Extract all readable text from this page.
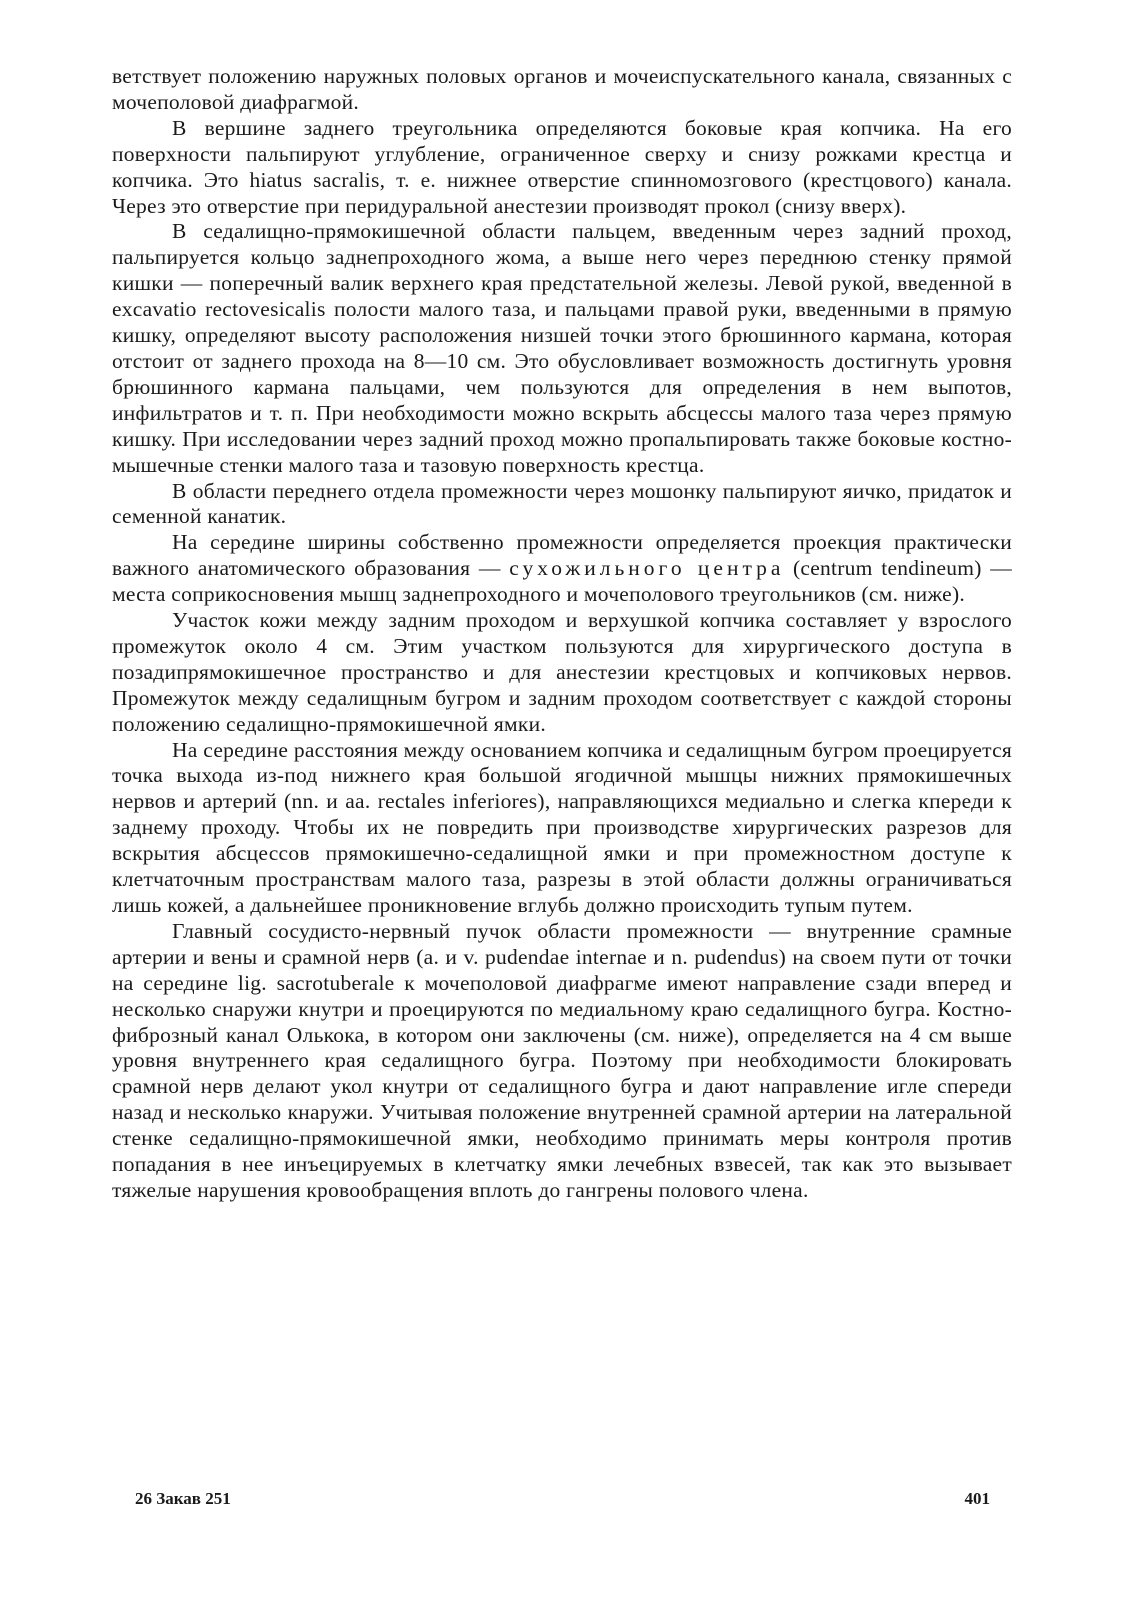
ветствует положению наружных половых органов и мочеиспускательного канала, связанных с мочеполовой диафрагмой.

В вершине заднего треугольника определяются боковые края копчика. На его поверхности пальпируют углубление, ограниченное сверху и снизу рожками крестца и копчика. Это hiatus sacralis, т. е. нижнее отверстие спинномозгового (крестцового) канала. Через это отверстие при перидуральной анестезии производят прокол (снизу вверх).

В седалищно-прямокишечной области пальцем, введенным через задний проход, пальпируется кольцо заднепроходного жома, а выше него через переднюю стенку прямой кишки — поперечный валик верхнего края предстательной железы. Левой рукой, введенной в excavatio rectovesicalis полости малого таза, и пальцами правой руки, введенными в прямую кишку, определяют высоту расположения низшей точки этого брюшинного кармана, которая отстоит от заднего прохода на 8—10 см. Это обусловливает возможность достигнуть уровня брюшинного кармана пальцами, чем пользуются для определения в нем выпотов, инфильтратов и т. п. При необходимости можно вскрыть абсцессы малого таза через прямую кишку. При исследовании через задний проход можно пропальпировать также боковые костно-мышечные стенки малого таза и тазовую поверхность крестца.

В области переднего отдела промежности через мошонку пальпируют яичко, придаток и семенной канатик.

На середине ширины собственно промежности определяется проекция практически важного анатомического образования — сухожильного центра (centrum tendineum) — места соприкосновения мышц заднепроходного и мочеполового треугольников (см. ниже).

Участок кожи между задним проходом и верхушкой копчика составляет у взрослого промежуток около 4 см. Этим участком пользуются для хирургического доступа в позадипрямокишечное пространство и для анестезии крестцовых и копчиковых нервов. Промежуток между седалищным бугром и задним проходом соответствует с каждой стороны положению седалищно-прямокишечной ямки.

На середине расстояния между основанием копчика и седалищным бугром проецируется точка выхода из-под нижнего края большой ягодичной мышцы нижних прямокишечных нервов и артерий (nn. и aa. rectales inferiores), направляющихся медиально и слегка кпереди к заднему проходу. Чтобы их не повредить при производстве хирургических разрезов для вскрытия абсцессов прямокишечно-седалищной ямки и при промежностном доступе к клетчаточным пространствам малого таза, разрезы в этой области должны ограничиваться лишь кожей, а дальнейшее проникновение вглубь должно происходить тупым путем.

Главный сосудисто-нервный пучок области промежности — внутренние срамные артерии и вены и срамной нерв (a. и v. pudendae internae и n. pudendus) на своем пути от точки на середине lig. sacrotuberale к мочеполовой диафрагме имеют направление сзади вперед и несколько снаружи кнутри и проецируются по медиальному краю седалищного бугра. Костно-фиброзный канал Олькока, в котором они заключены (см. ниже), определяется на 4 см выше уровня внутреннего края седалищного бугра. Поэтому при необходимости блокировать срамной нерв делают укол кнутри от седалищного бугра и дают направление игле спереди назад и несколько кнаружи. Учитывая положение внутренней срамной артерии на латеральной стенке седалищно-прямокишечной ямки, необходимо принимать меры контроля против попадания в нее инъецируемых в клетчатку ямки лечебных взвесей, так как это вызывает тяжелые нарушения кровообращения вплоть до гангрены полового члена.

26 Закав 251	401
